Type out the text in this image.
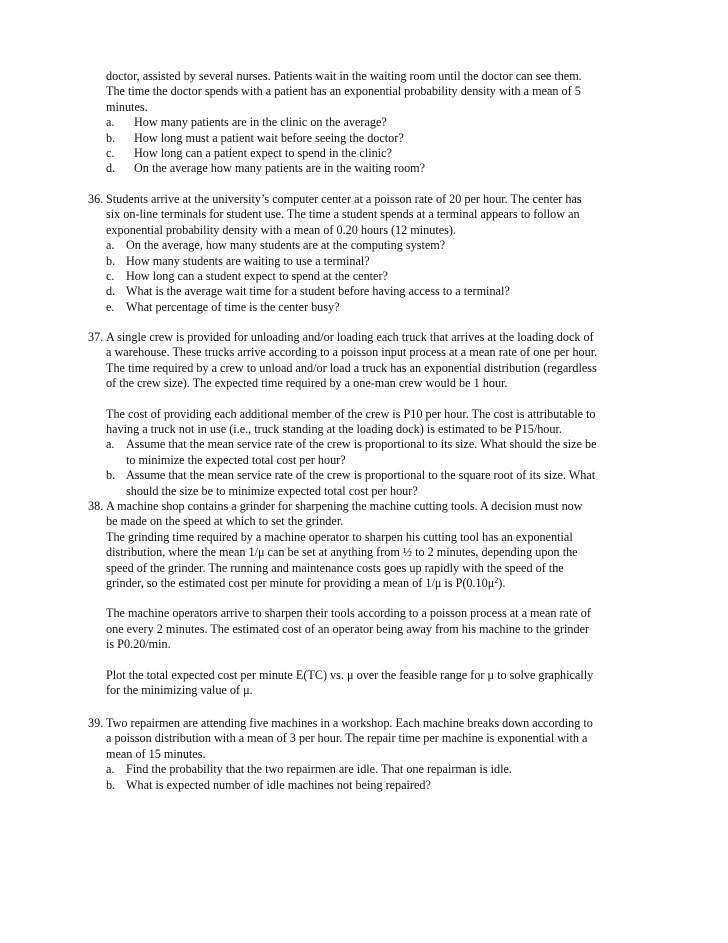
doctor, assisted by several nurses. Patients wait in the waiting room until the doctor can see them.
The time the doctor spends with a patient has an exponential probability density with a mean of 5
minutes.
a. How many patients are in the clinic on the average?
b. How long must a patient wait before seeing the doctor?
c. How long can a patient expect to spend in the clinic?
d. On the average how many patients are in the waiting room?
36. Students arrive at the university’s computer center at a poisson rate of 20 per hour. The center has
six on-line terminals for student use. The time a student spends at a terminal appears to follow an
exponential probability density with a mean of 0.20 hours (12 minutes).
a. On the average, how many students are at the computing system?
b. How many students are waiting to use a terminal?
c. How long can a student expect to spend at the center?
d. What is the average wait time for a student before having access to a terminal?
e. What percentage of time is the center busy?
37. A single crew is provided for unloading and/or loading each truck that arrives at the loading dock of
a warehouse. These trucks arrive according to a poisson input process at a mean rate of one per hour.
The time required by a crew to unload and/or load a truck has an exponential distribution (regardless
of the crew size). The expected time required by a one-man crew would be 1 hour.
The cost of providing each additional member of the crew is P10 per hour. The cost is attributable to
having a truck not in use (i.e., truck standing at the loading dock) is estimated to be P15/hour.
a. Assume that the mean service rate of the crew is proportional to its size. What should the size be
to minimize the expected total cost per hour?
b. Assume that the mean service rate of the crew is proportional to the square root of its size. What
should the size be to minimize expected total cost per hour?
38. A machine shop contains a grinder for sharpening the machine cutting tools. A decision must now
be made on the speed at which to set the grinder.
The grinding time required by a machine operator to sharpen his cutting tool has an exponential
distribution, where the mean 1/μ can be set at anything from ½ to 2 minutes, depending upon the
speed of the grinder. The running and maintenance costs goes up rapidly with the speed of the
grinder, so the estimated cost per minute for providing a mean of 1/μ is $P(0.10\mu^2)$.
The machine operators arrive to sharpen their tools according to a poisson process at a mean rate of
one every 2 minutes. The estimated cost of an operator being away from his machine to the grinder
is P0.20/min.
Plot the total expected cost per minute E(TC) vs. μ over the feasible range for μ to solve graphically
for the minimizing value of μ.
39. Two repairmen are attending five machines in a workshop. Each machine breaks down according to
a poisson distribution with a mean of 3 per hour. The repair time per machine is exponential with a
mean of 15 minutes.
a. Find the probability that the two repairmen are idle. That one repairman is idle.
b. What is expected number of idle machines not being repaired?
